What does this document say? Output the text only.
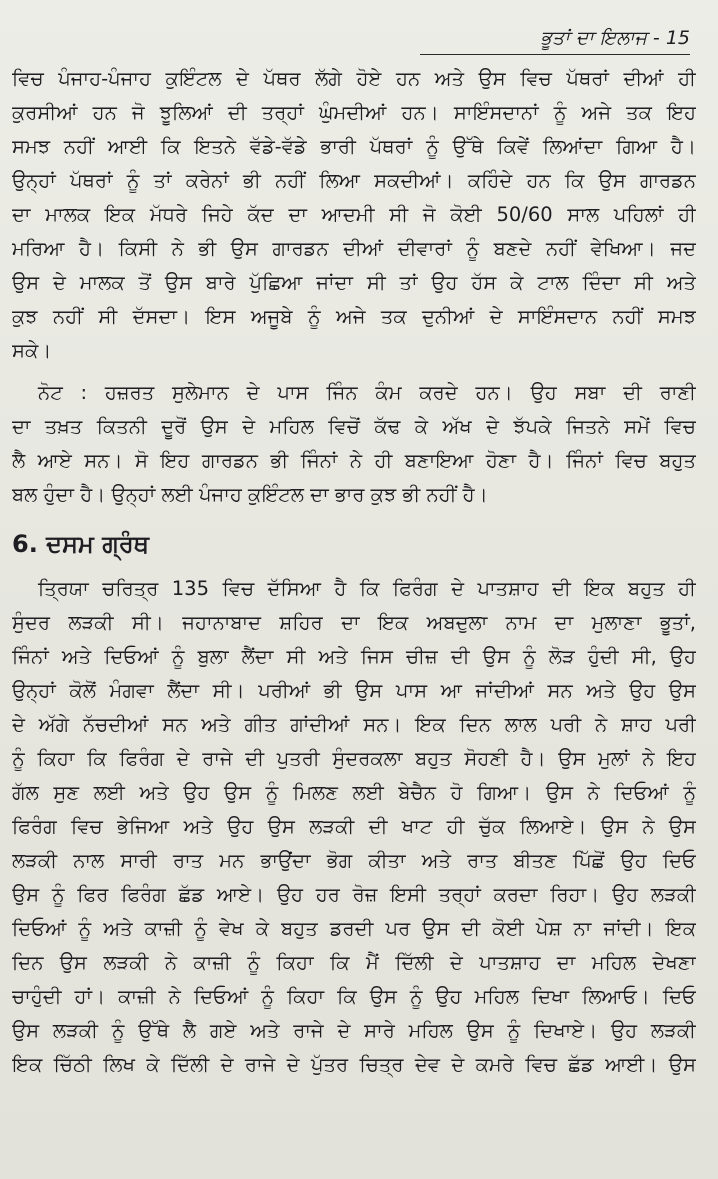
ਭੂਤਾਂ ਦਾ ਇਲਾਜ - 15
ਵਿਚ ਪੰਜਾਹ-ਪੰਜਾਹ ਕੁਇੰਟਲ ਦੇ ਪੱਥਰ ਲੱਗੇ ਹੋਏ ਹਨ ਅਤੇ ਉਸ ਵਿਚ ਪੱਥਰਾਂ ਦੀਆਂ ਹੀ
ਕੁਰਸੀਆਂ ਹਨ ਜੋ ਝੂਲਿਆਂ ਦੀ ਤਰ੍ਹਾਂ ਘੁੰਮਦੀਆਂ ਹਨ। ਸਾਇੰਸਦਾਨਾਂ ਨੂੰ ਅਜੇ ਤਕ ਇਹ
ਸਮਝ ਨਹੀਂ ਆਈ ਕਿ ਇਤਨੇ ਵੱਡੇ-ਵੱਡੇ ਭਾਰੀ ਪੱਥਰਾਂ ਨੂੰ ਉੱਥੇ ਕਿਵੇਂ ਲਿਆਂਦਾ ਗਿਆ ਹੈ।
ਉਨ੍ਹਾਂ ਪੱਥਰਾਂ ਨੂੰ ਤਾਂ ਕਰੇਨਾਂ ਭੀ ਨਹੀਂ ਲਿਆ ਸਕਦੀਆਂ। ਕਹਿੰਦੇ ਹਨ ਕਿ ਉਸ ਗਾਰਡਨ
ਦਾ ਮਾਲਕ ਇਕ ਮੱਧਰੇ ਜਿਹੇ ਕੱਦ ਦਾ ਆਦਮੀ ਸੀ ਜੋ ਕੋਈ 50/60 ਸਾਲ ਪਹਿਲਾਂ ਹੀ
ਮਰਿਆ ਹੈ। ਕਿਸੀ ਨੇ ਭੀ ਉਸ ਗਾਰਡਨ ਦੀਆਂ ਦੀਵਾਰਾਂ ਨੂੰ ਬਣਦੇ ਨਹੀਂ ਵੇਖਿਆ। ਜਦ
ਉਸ ਦੇ ਮਾਲਕ ਤੋਂ ਉਸ ਬਾਰੇ ਪੁੱਛਿਆ ਜਾਂਦਾ ਸੀ ਤਾਂ ਉਹ ਹੱਸ ਕੇ ਟਾਲ ਦਿੰਦਾ ਸੀ ਅਤੇ
ਕੁਝ ਨਹੀਂ ਸੀ ਦੱਸਦਾ। ਇਸ ਅਜੂਬੇ ਨੂੰ ਅਜੇ ਤਕ ਦੁਨੀਆਂ ਦੇ ਸਾਇੰਸਦਾਨ ਨਹੀਂ ਸਮਝ
ਸਕੇ।
ਨੋਟ : ਹਜ਼ਰਤ ਸੁਲੇਮਾਨ ਦੇ ਪਾਸ ਜਿੰਨ ਕੰਮ ਕਰਦੇ ਹਨ। ਉਹ ਸਬਾ ਦੀ ਰਾਣੀ
ਦਾ ਤਖ਼ਤ ਕਿਤਨੀ ਦੂਰੋਂ ਉਸ ਦੇ ਮਹਿਲ ਵਿਚੋਂ ਕੱਢ ਕੇ ਅੱਖ ਦੇ ਝੱਪਕੇ ਜਿਤਨੇ ਸਮੇਂ ਵਿਚ
ਲੈ ਆਏ ਸਨ। ਸੋ ਇਹ ਗਾਰਡਨ ਭੀ ਜਿੰਨਾਂ ਨੇ ਹੀ ਬਣਾਇਆ ਹੋਣਾ ਹੈ। ਜਿੰਨਾਂ ਵਿਚ ਬਹੁਤ
ਬਲ ਹੁੰਦਾ ਹੈ। ਉਨ੍ਹਾਂ ਲਈ ਪੰਜਾਹ ਕੁਇੰਟਲ ਦਾ ਭਾਰ ਕੁਝ ਭੀ ਨਹੀਂ ਹੈ।
6. ਦਸਮ ਗ੍ਰੰਥ
ਤ੍ਰਿਯਾ ਚਰਿਤ੍ਰ 135 ਵਿਚ ਦੱਸਿਆ ਹੈ ਕਿ ਫਿਰੰਗ ਦੇ ਪਾਤਸ਼ਾਹ ਦੀ ਇਕ ਬਹੁਤ ਹੀ
ਸੁੰਦਰ ਲੜਕੀ ਸੀ। ਜਹਾਨਾਬਾਦ ਸ਼ਹਿਰ ਦਾ ਇਕ ਅਬਦੁਲਾ ਨਾਮ ਦਾ ਮੁਲਾਣਾ ਭੂਤਾਂ,
ਜਿੰਨਾਂ ਅਤੇ ਦਿਓਆਂ ਨੂੰ ਬੁਲਾ ਲੈਂਦਾ ਸੀ ਅਤੇ ਜਿਸ ਚੀਜ਼ ਦੀ ਉਸ ਨੂੰ ਲੋੜ ਹੁੰਦੀ ਸੀ, ਉਹ
ਉਨ੍ਹਾਂ ਕੋਲੋਂ ਮੰਗਵਾ ਲੈਂਦਾ ਸੀ। ਪਰੀਆਂ ਭੀ ਉਸ ਪਾਸ ਆ ਜਾਂਦੀਆਂ ਸਨ ਅਤੇ ਉਹ ਉਸ
ਦੇ ਅੱਗੇ ਨੱਚਦੀਆਂ ਸਨ ਅਤੇ ਗੀਤ ਗਾਂਦੀਆਂ ਸਨ। ਇਕ ਦਿਨ ਲਾਲ ਪਰੀ ਨੇ ਸ਼ਾਹ ਪਰੀ
ਨੂੰ ਕਿਹਾ ਕਿ ਫਿਰੰਗ ਦੇ ਰਾਜੇ ਦੀ ਪੁਤਰੀ ਸੁੰਦਰਕਲਾ ਬਹੁਤ ਸੋਹਣੀ ਹੈ। ਉਸ ਮੁਲਾਂ ਨੇ ਇਹ
ਗੱਲ ਸੁਣ ਲਈ ਅਤੇ ਉਹ ਉਸ ਨੂੰ ਮਿਲਣ ਲਈ ਬੇਚੈਨ ਹੋ ਗਿਆ। ਉਸ ਨੇ ਦਿਓਆਂ ਨੂੰ
ਫਿਰੰਗ ਵਿਚ ਭੇਜਿਆ ਅਤੇ ਉਹ ਉਸ ਲੜਕੀ ਦੀ ਖਾਟ ਹੀ ਚੁੱਕ ਲਿਆਏ। ਉਸ ਨੇ ਉਸ
ਲੜਕੀ ਨਾਲ ਸਾਰੀ ਰਾਤ ਮਨ ਭਾਉਂਦਾ ਭੋਗ ਕੀਤਾ ਅਤੇ ਰਾਤ ਬੀਤਣ ਪਿੱਛੋਂ ਉਹ ਦਿਓ
ਉਸ ਨੂੰ ਫਿਰ ਫਿਰੰਗ ਛੱਡ ਆਏ। ਉਹ ਹਰ ਰੋਜ਼ ਇਸੀ ਤਰ੍ਹਾਂ ਕਰਦਾ ਰਿਹਾ। ਉਹ ਲੜਕੀ
ਦਿਓਆਂ ਨੂੰ ਅਤੇ ਕਾਜ਼ੀ ਨੂੰ ਵੇਖ ਕੇ ਬਹੁਤ ਡਰਦੀ ਪਰ ਉਸ ਦੀ ਕੋਈ ਪੇਸ਼ ਨਾ ਜਾਂਦੀ। ਇਕ
ਦਿਨ ਉਸ ਲੜਕੀ ਨੇ ਕਾਜ਼ੀ ਨੂੰ ਕਿਹਾ ਕਿ ਮੈਂ ਦਿੱਲੀ ਦੇ ਪਾਤਸ਼ਾਹ ਦਾ ਮਹਿਲ ਦੇਖਣਾ
ਚਾਹੁੰਦੀ ਹਾਂ। ਕਾਜ਼ੀ ਨੇ ਦਿਓਆਂ ਨੂੰ ਕਿਹਾ ਕਿ ਉਸ ਨੂੰ ਉਹ ਮਹਿਲ ਦਿਖਾ ਲਿਆਓ। ਦਿਓ
ਉਸ ਲੜਕੀ ਨੂੰ ਉੱਥੇ ਲੈ ਗਏ ਅਤੇ ਰਾਜੇ ਦੇ ਸਾਰੇ ਮਹਿਲ ਉਸ ਨੂੰ ਦਿਖਾਏ। ਉਹ ਲੜਕੀ
ਇਕ ਚਿੱਠੀ ਲਿਖ ਕੇ ਦਿੱਲੀ ਦੇ ਰਾਜੇ ਦੇ ਪੁੱਤਰ ਚਿਤ੍ਰ ਦੇਵ ਦੇ ਕਮਰੇ ਵਿਚ ਛੱਡ ਆਈ। ਉਸ
